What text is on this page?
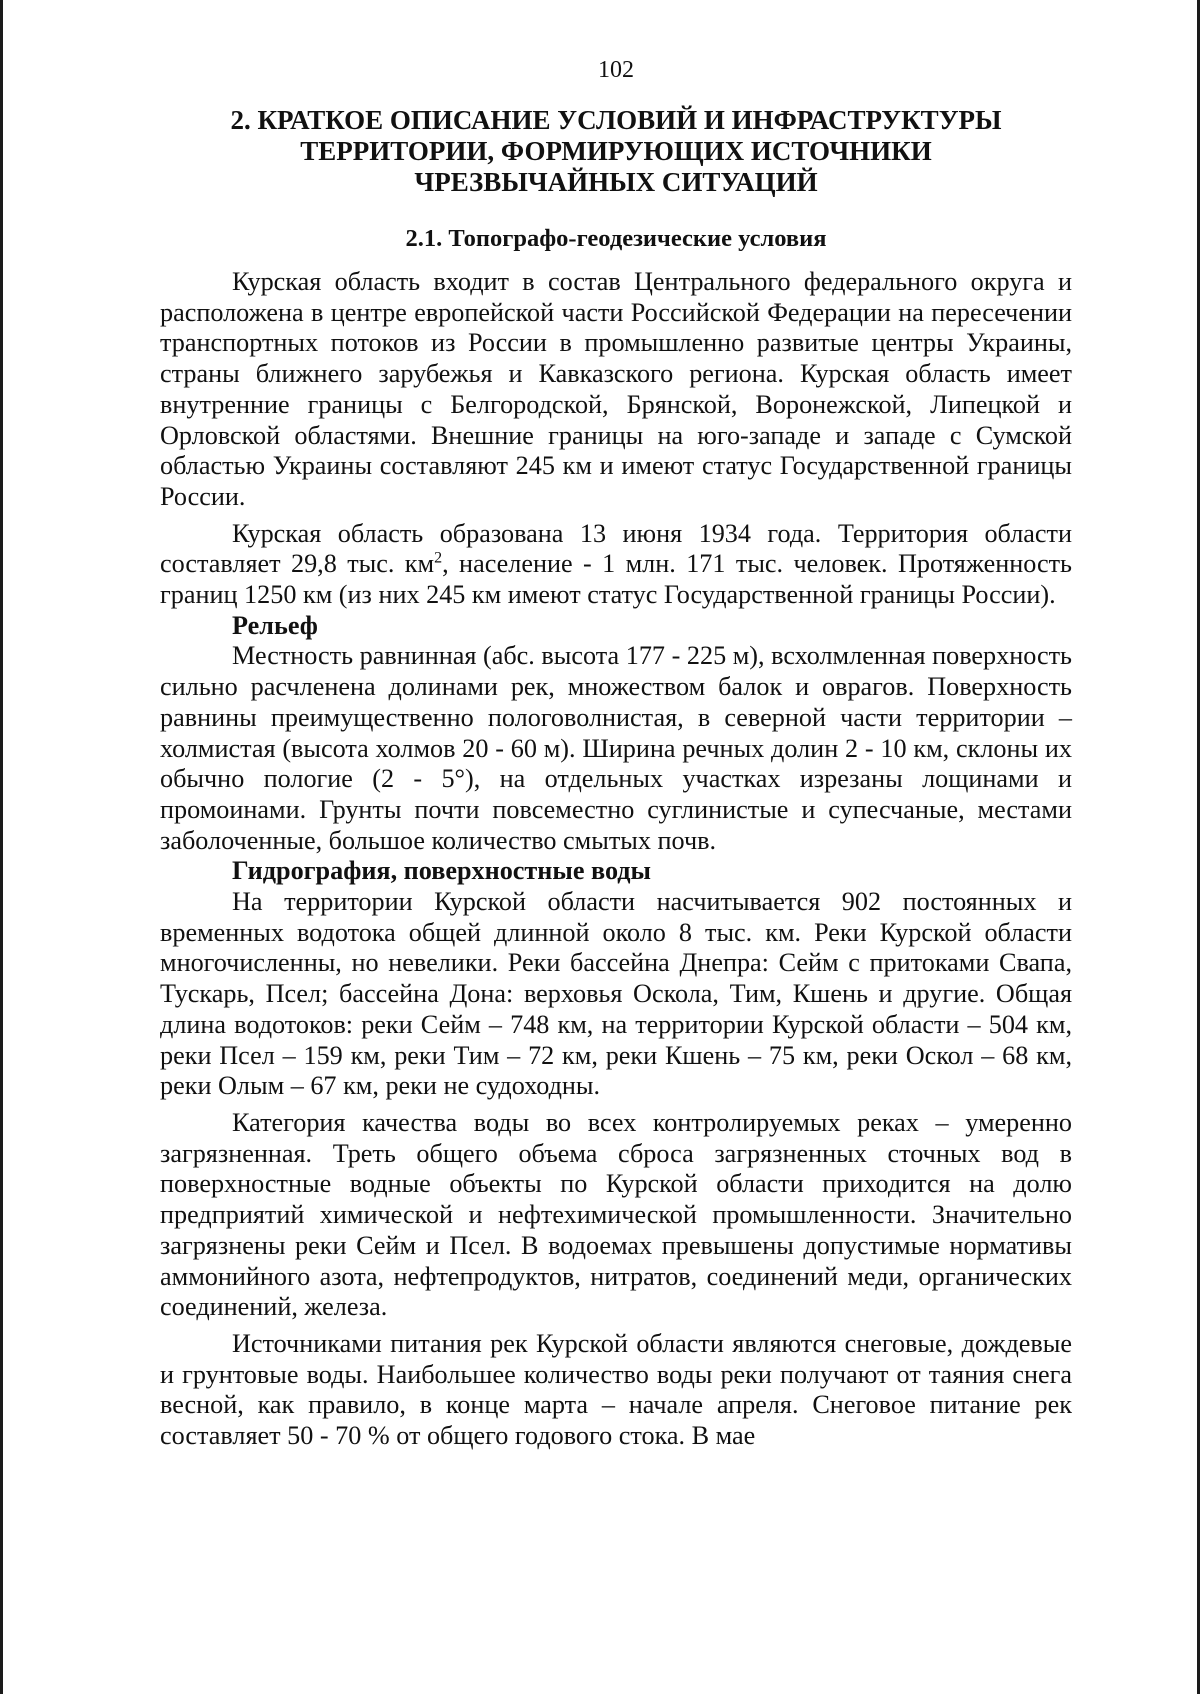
102
2. КРАТКОЕ ОПИСАНИЕ УСЛОВИЙ И ИНФРАСТРУКТУРЫ
ТЕРРИТОРИИ, ФОРМИРУЮЩИХ ИСТОЧНИКИ
ЧРЕЗВЫЧАЙНЫХ СИТУАЦИЙ
2.1. Топографо-геодезические условия

Курская область входит в состав Центрального федерального округа и расположена в центре европейской части Российской Федерации на пересечении транспортных потоков из России в промышленно развитые центры Украины, страны ближнего зарубежья и Кавказского региона. Курская область имеет внутренние границы с Белгородской, Брянской, Воронежской, Липецкой и Орловской областями. Внешние границы на юго-западе и западе с Сумской областью Украины составляют 245 км и имеют статус Государственной границы России.

Курская область образована 13 июня 1934 года. Территория области составляет 29,8 тыс. $км^2$, население - 1 млн. 171 тыс. человек. Протяженность границ 1250 км (из них 245 км имеют статус Государственной границы России).

Рельеф

Местность равнинная (абс. высота 177 - 225 м), всхолмленная поверхность сильно расчленена долинами рек, множеством балок и оврагов. Поверхность равнины преимущественно пологоволнистая, в северной части территории – холмистая (высота холмов 20 - 60 м). Ширина речных долин 2 - 10 км, склоны их обычно пологие (2 - 5°), на отдельных участках изрезаны лощинами и промоинами. Грунты почти повсеместно суглинистые и супесчаные, местами заболоченные, большое количество смытых почв.

Гидрография, поверхностные воды

На территории Курской области насчитывается 902 постоянных и временных водотока общей длинной около 8 тыс. км. Реки Курской области многочисленны, но невелики. Реки бассейна Днепра: Сейм с притоками Свапа, Тускарь, Псел; бассейна Дона: верховья Оскола, Тим, Кшень и другие. Общая длина водотоков: реки Сейм – 748 км, на территории Курской области – 504 км, реки Псел – 159 км, реки Тим – 72 км, реки Кшень – 75 км, реки Оскол – 68 км, реки Олым – 67 км, реки не судоходны.

Категория качества воды во всех контролируемых реках – умеренно загрязненная. Треть общего объема сброса загрязненных сточных вод в поверхностные водные объекты по Курской области приходится на долю предприятий химической и нефтехимической промышленности. Значительно загрязнены реки Сейм и Псел. В водоемах превышены допустимые нормативы аммонийного азота, нефтепродуктов, нитратов, соединений меди, органических соединений, железа.

Источниками питания рек Курской области являются снеговые, дождевые и грунтовые воды. Наибольшее количество воды реки получают от таяния снега весной, как правило, в конце марта – начале апреля. Снеговое питание рек составляет 50 - 70 % от общего годового стока. В мае
